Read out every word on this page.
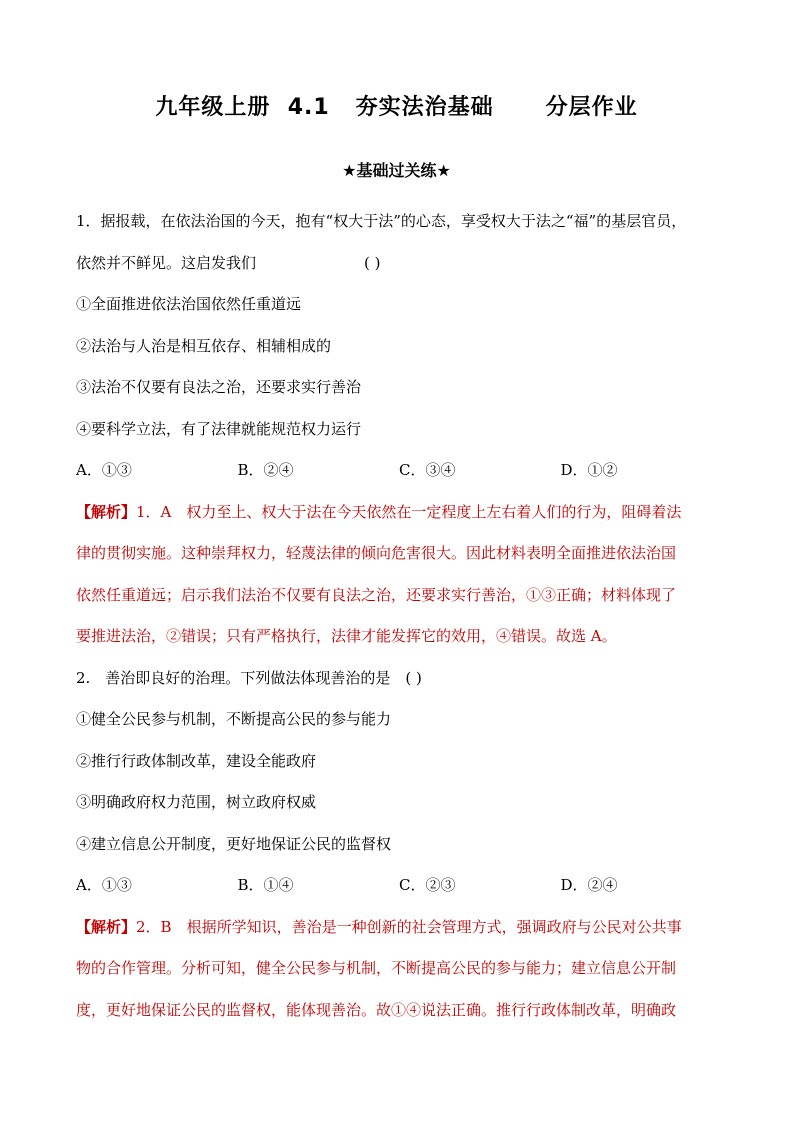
九年级上册  4.1   夯实法治基础      分层作业
★基础过关练★
1．据报载，在依法治国的今天，抱有“权大于法”的心态，享受权大于法之“福”的基层官员，
依然并不鲜见。这启发我们	( )
①全面推进依法治国依然任重道远
②法治与人治是相互依存、相辅相成的
③法治不仅要有良法之治，还要求实行善治
④要科学立法，有了法律就能规范权力运行
A．①③	B．②④	C．③④	D．①②
【解析】1．A　权力至上、权大于法在今天依然在一定程度上左右着人们的行为，阻碍着法
律的贯彻实施。这种崇拜权力，轻蔑法律的倾向危害很大。因此材料表明全面推进依法治国
依然任重道远；启示我们法治不仅要有良法之治，还要求实行善治，①③正确；材料体现了
要推进法治，②错误；只有严格执行，法律才能发挥它的效用，④错误。故选 A。
2.　善治即良好的治理。下列做法体现善治的是　 ( )
①健全公民参与机制，不断提高公民的参与能力
②推行行政体制改革，建设全能政府
③明确政府权力范围，树立政府权威
④建立信息公开制度，更好地保证公民的监督权
A．①③	B．①④	C．②③	D．②④
【解析】2．B　根据所学知识，善治是一种创新的社会管理方式，强调政府与公民对公共事
物的合作管理。分析可知，健全公民参与机制，不断提高公民的参与能力；建立信息公开制
度，更好地保证公民的监督权，能体现善治。故①④说法正确。推行行政体制改革，明确政
